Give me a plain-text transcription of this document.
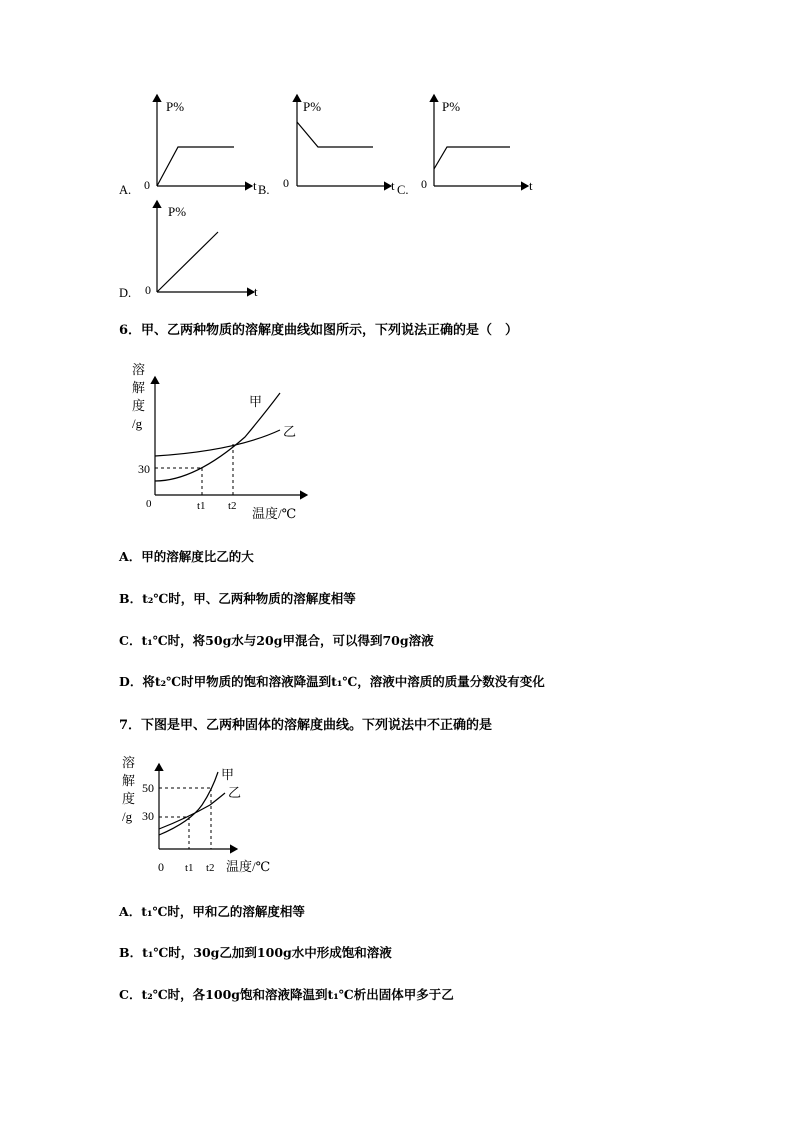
P%
0	t
P%
0	t
P%
0	t
A.	B.	C.
P%
0	t
D.
6．甲、乙两种物质的溶解度曲线如图所示，下列说法正确的是（　）
溶
解
度
/g
30
0	t1 t2 温度/℃
甲
乙
A．甲的溶解度比乙的大
B．t₂℃时，甲、乙两种物质的溶解度相等
C．t₁℃时，将50g水与20g甲混合，可以得到70g溶液
D．将t₂℃时甲物质的饱和溶液降温到t₁℃，溶液中溶质的质量分数没有变化
7．下图是甲、乙两种固体的溶解度曲线。下列说法中不正确的是
溶
解
度
/g
50
30
0 t1 t2 温度/℃
甲
乙
A．t₁℃时，甲和乙的溶解度相等
B．t₁℃时，30g乙加到100g水中形成饱和溶液
C．t₂℃时，各100g饱和溶液降温到t₁℃析出固体甲多于乙
